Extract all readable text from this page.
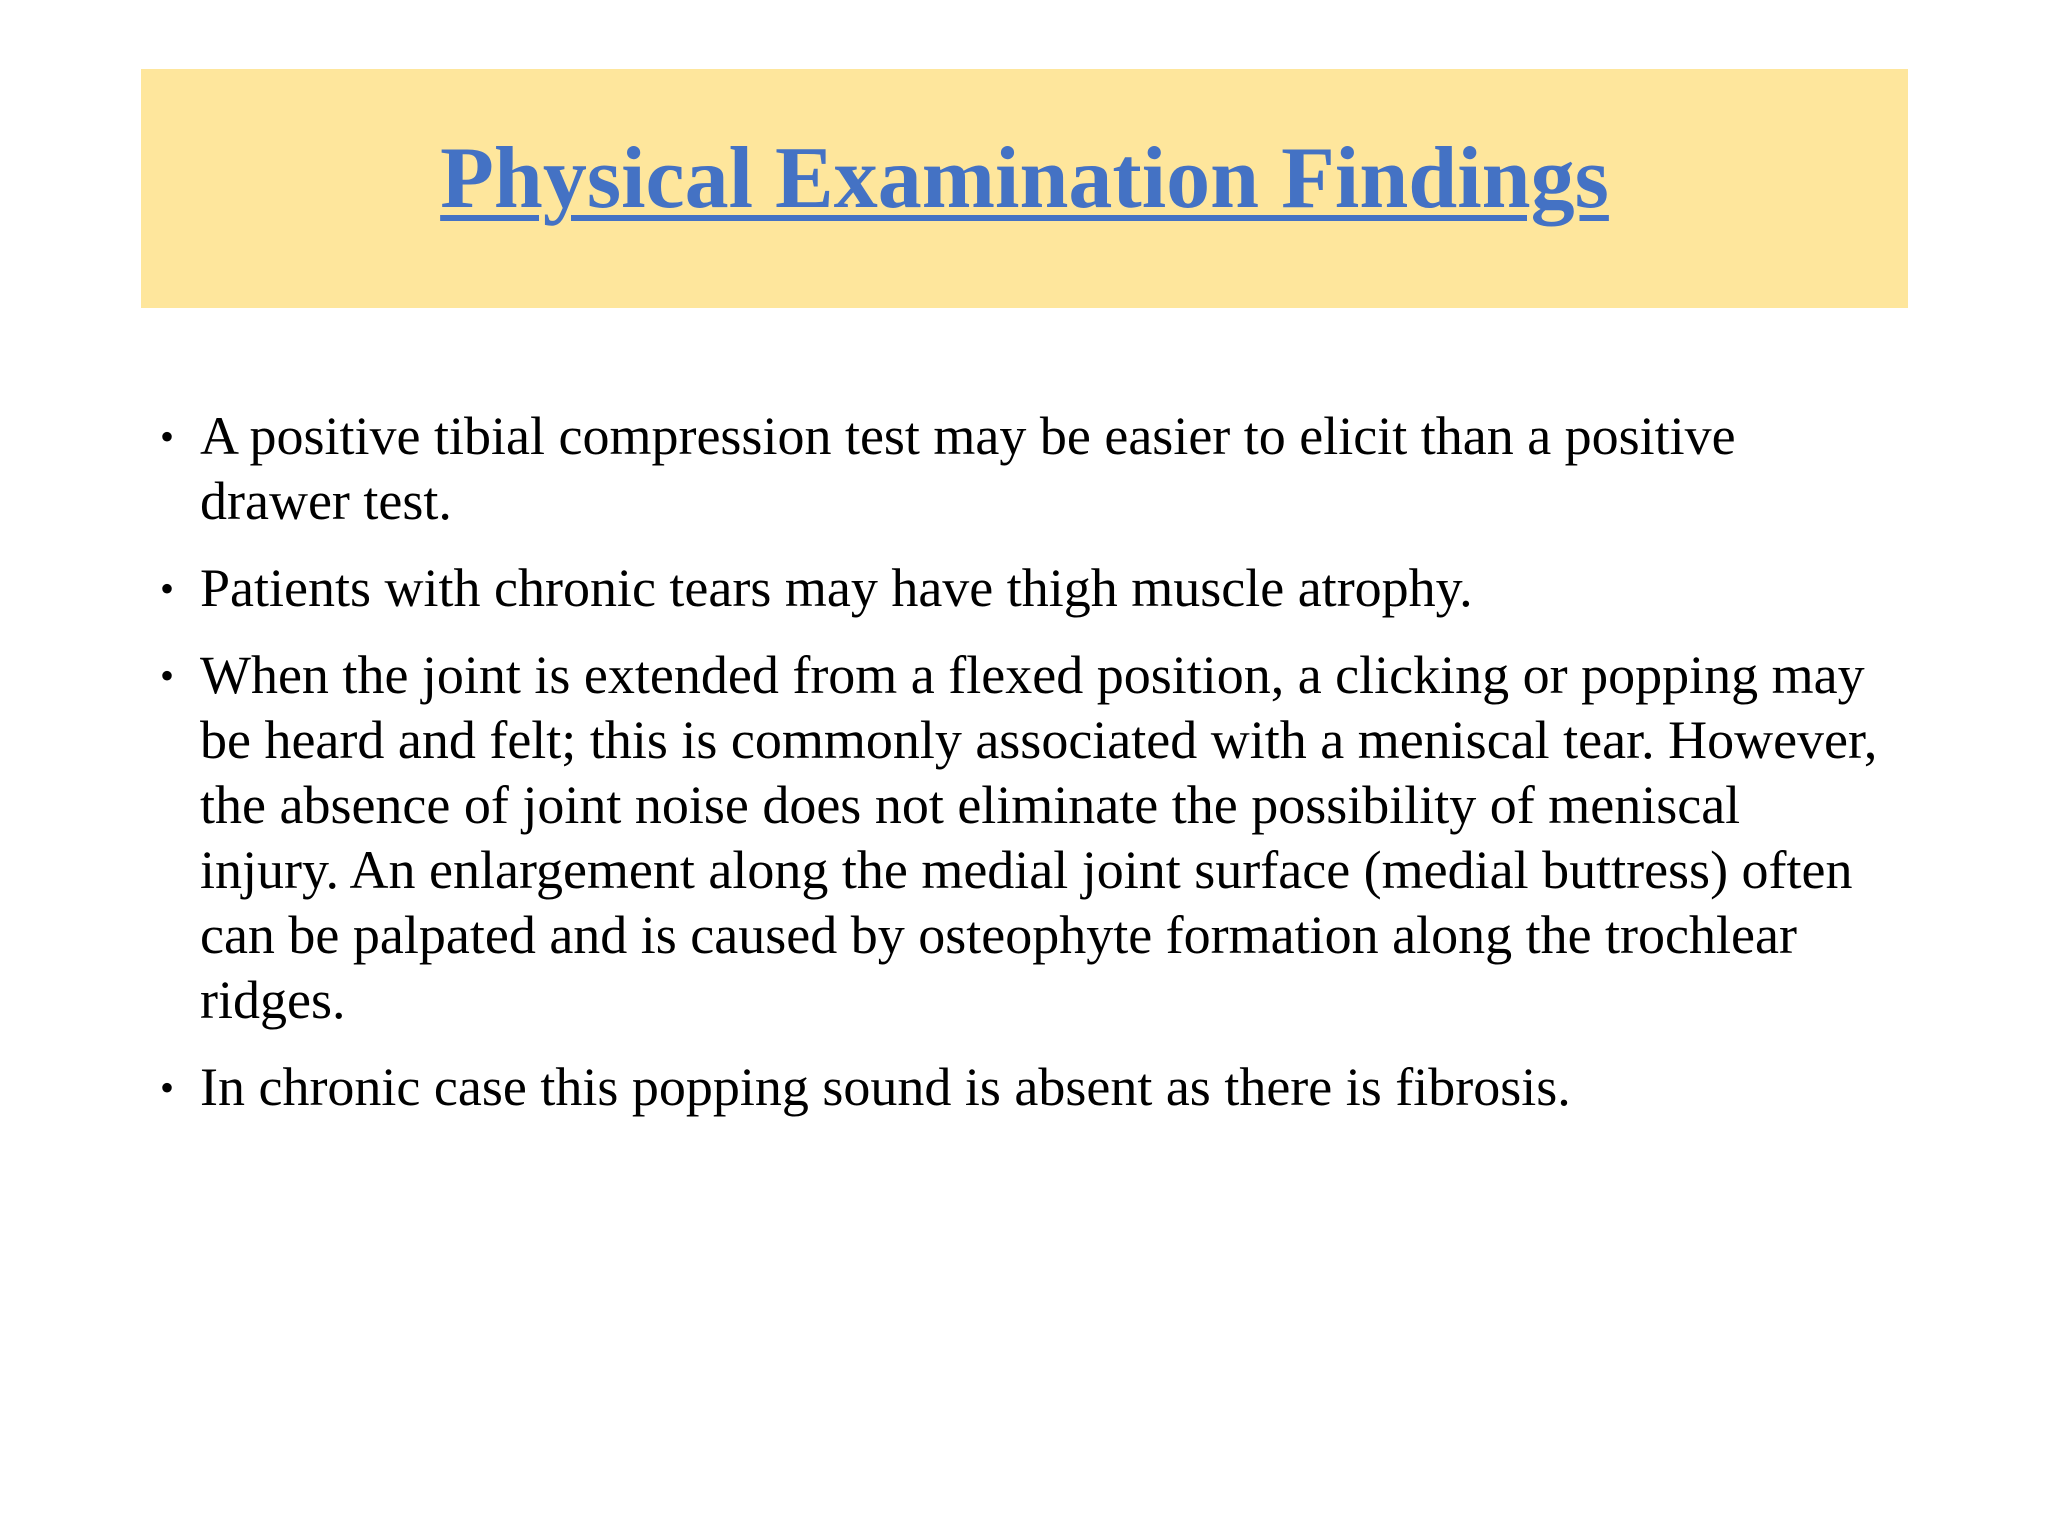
Physical Examination Findings
• A positive tibial compression test may be easier to elicit than a positive drawer test.
• Patients with chronic tears may have thigh muscle atrophy.
• When the joint is extended from a flexed position, a clicking or popping may be heard and felt; this is commonly associated with a meniscal tear. However, the absence of joint noise does not eliminate the possibility of meniscal injury. An enlargement along the medial joint surface (medial buttress) often can be palpated and is caused by osteophyte formation along the trochlear ridges.
• In chronic case this popping sound is absent as there is fibrosis.
